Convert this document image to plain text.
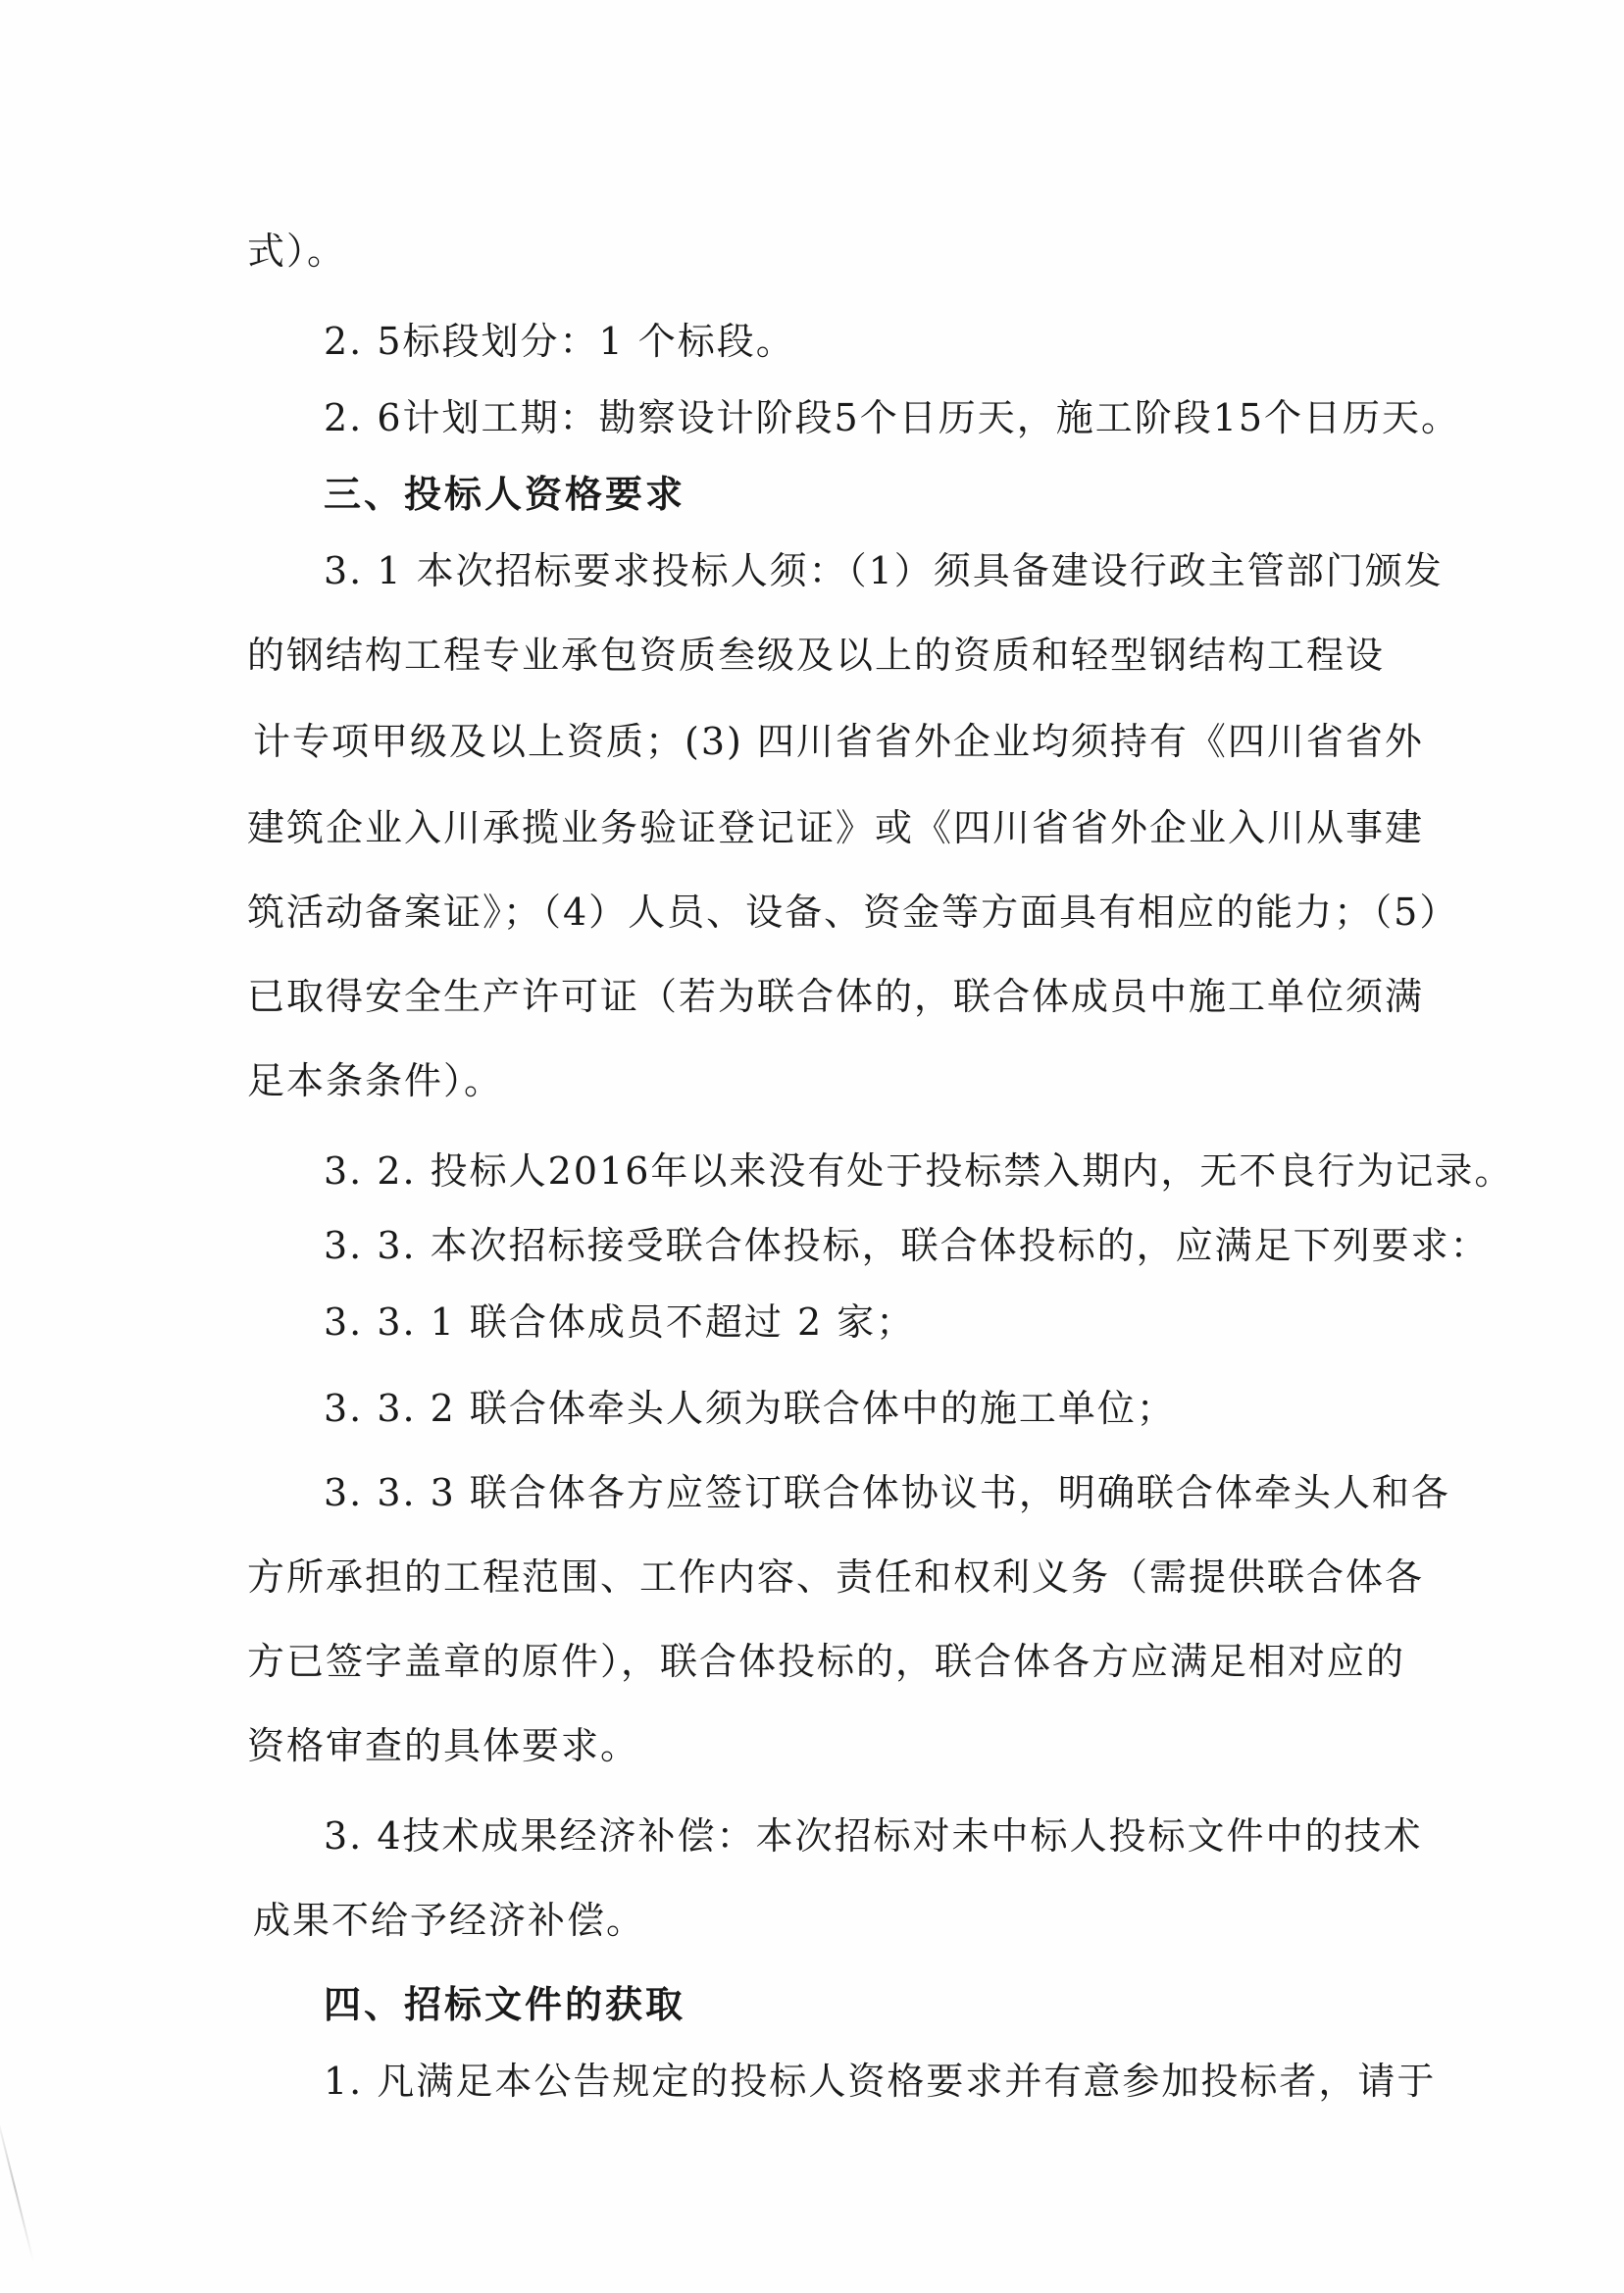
式）。

2. 5标段划分：1 个标段。

2. 6计划工期：勘察设计阶段5个日历天，施工阶段15个日历天。

三、投标人资格要求

3. 1 本次招标要求投标人须：（1）须具备建设行政主管部门颁发

的钢结构工程专业承包资质叁级及以上的资质和轻型钢结构工程设

计专项甲级及以上资质；(3) 四川省省外企业均须持有《四川省省外

建筑企业入川承揽业务验证登记证》或《四川省省外企业入川从事建

筑活动备案证》；（4）人员、设备、资金等方面具有相应的能力；（5）

已取得安全生产许可证（若为联合体的，联合体成员中施工单位须满

足本条条件）。

3. 2. 投标人2016年以来没有处于投标禁入期内，无不良行为记录。

3. 3. 本次招标接受联合体投标，联合体投标的，应满足下列要求：

3. 3. 1 联合体成员不超过 2 家；

3. 3. 2 联合体牵头人须为联合体中的施工单位；

3. 3. 3 联合体各方应签订联合体协议书，明确联合体牵头人和各

方所承担的工程范围、工作内容、责任和权利义务（需提供联合体各

方已签字盖章的原件），联合体投标的，联合体各方应满足相对应的

资格审查的具体要求。

3. 4技术成果经济补偿：本次招标对未中标人投标文件中的技术

成果不给予经济补偿。

四、招标文件的获取

1. 凡满足本公告规定的投标人资格要求并有意参加投标者，请于
